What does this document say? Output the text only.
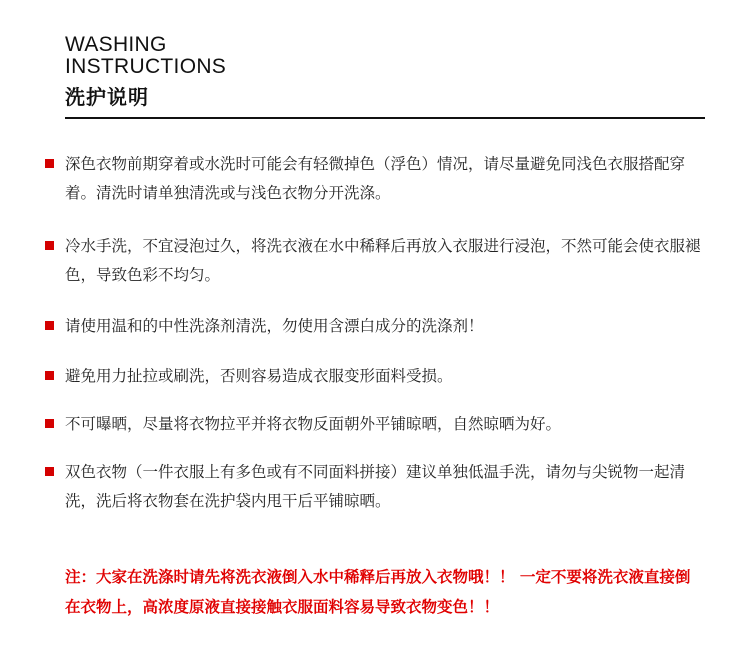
WASHING
INSTRUCTIONS
洗护说明
深色衣物前期穿着或水洗时可能会有轻微掉色（浮色）情况，请尽量避免同浅色衣服搭配穿着。清洗时请单独清洗或与浅色衣物分开洗涤。
冷水手洗，不宜浸泡过久，将洗衣液在水中稀释后再放入衣服进行浸泡，不然可能会使衣服褪色，导致色彩不均匀。
请使用温和的中性洗涤剂清洗，勿使用含漂白成分的洗涤剂！
避免用力扯拉或刷洗，否则容易造成衣服变形面料受损。
不可曝晒，尽量将衣物拉平并将衣物反面朝外平铺晾晒，自然晾晒为好。
双色衣物（一件衣服上有多色或有不同面料拼接）建议单独低温手洗，请勿与尖锐物一起清洗，洗后将衣物套在洗护袋内甩干后平铺晾晒。
注：大家在洗涤时请先将洗衣液倒入水中稀释后再放入衣物哦！！ 一定不要将洗衣液直接倒在衣物上，高浓度原液直接接触衣服面料容易导致衣物变色！！
